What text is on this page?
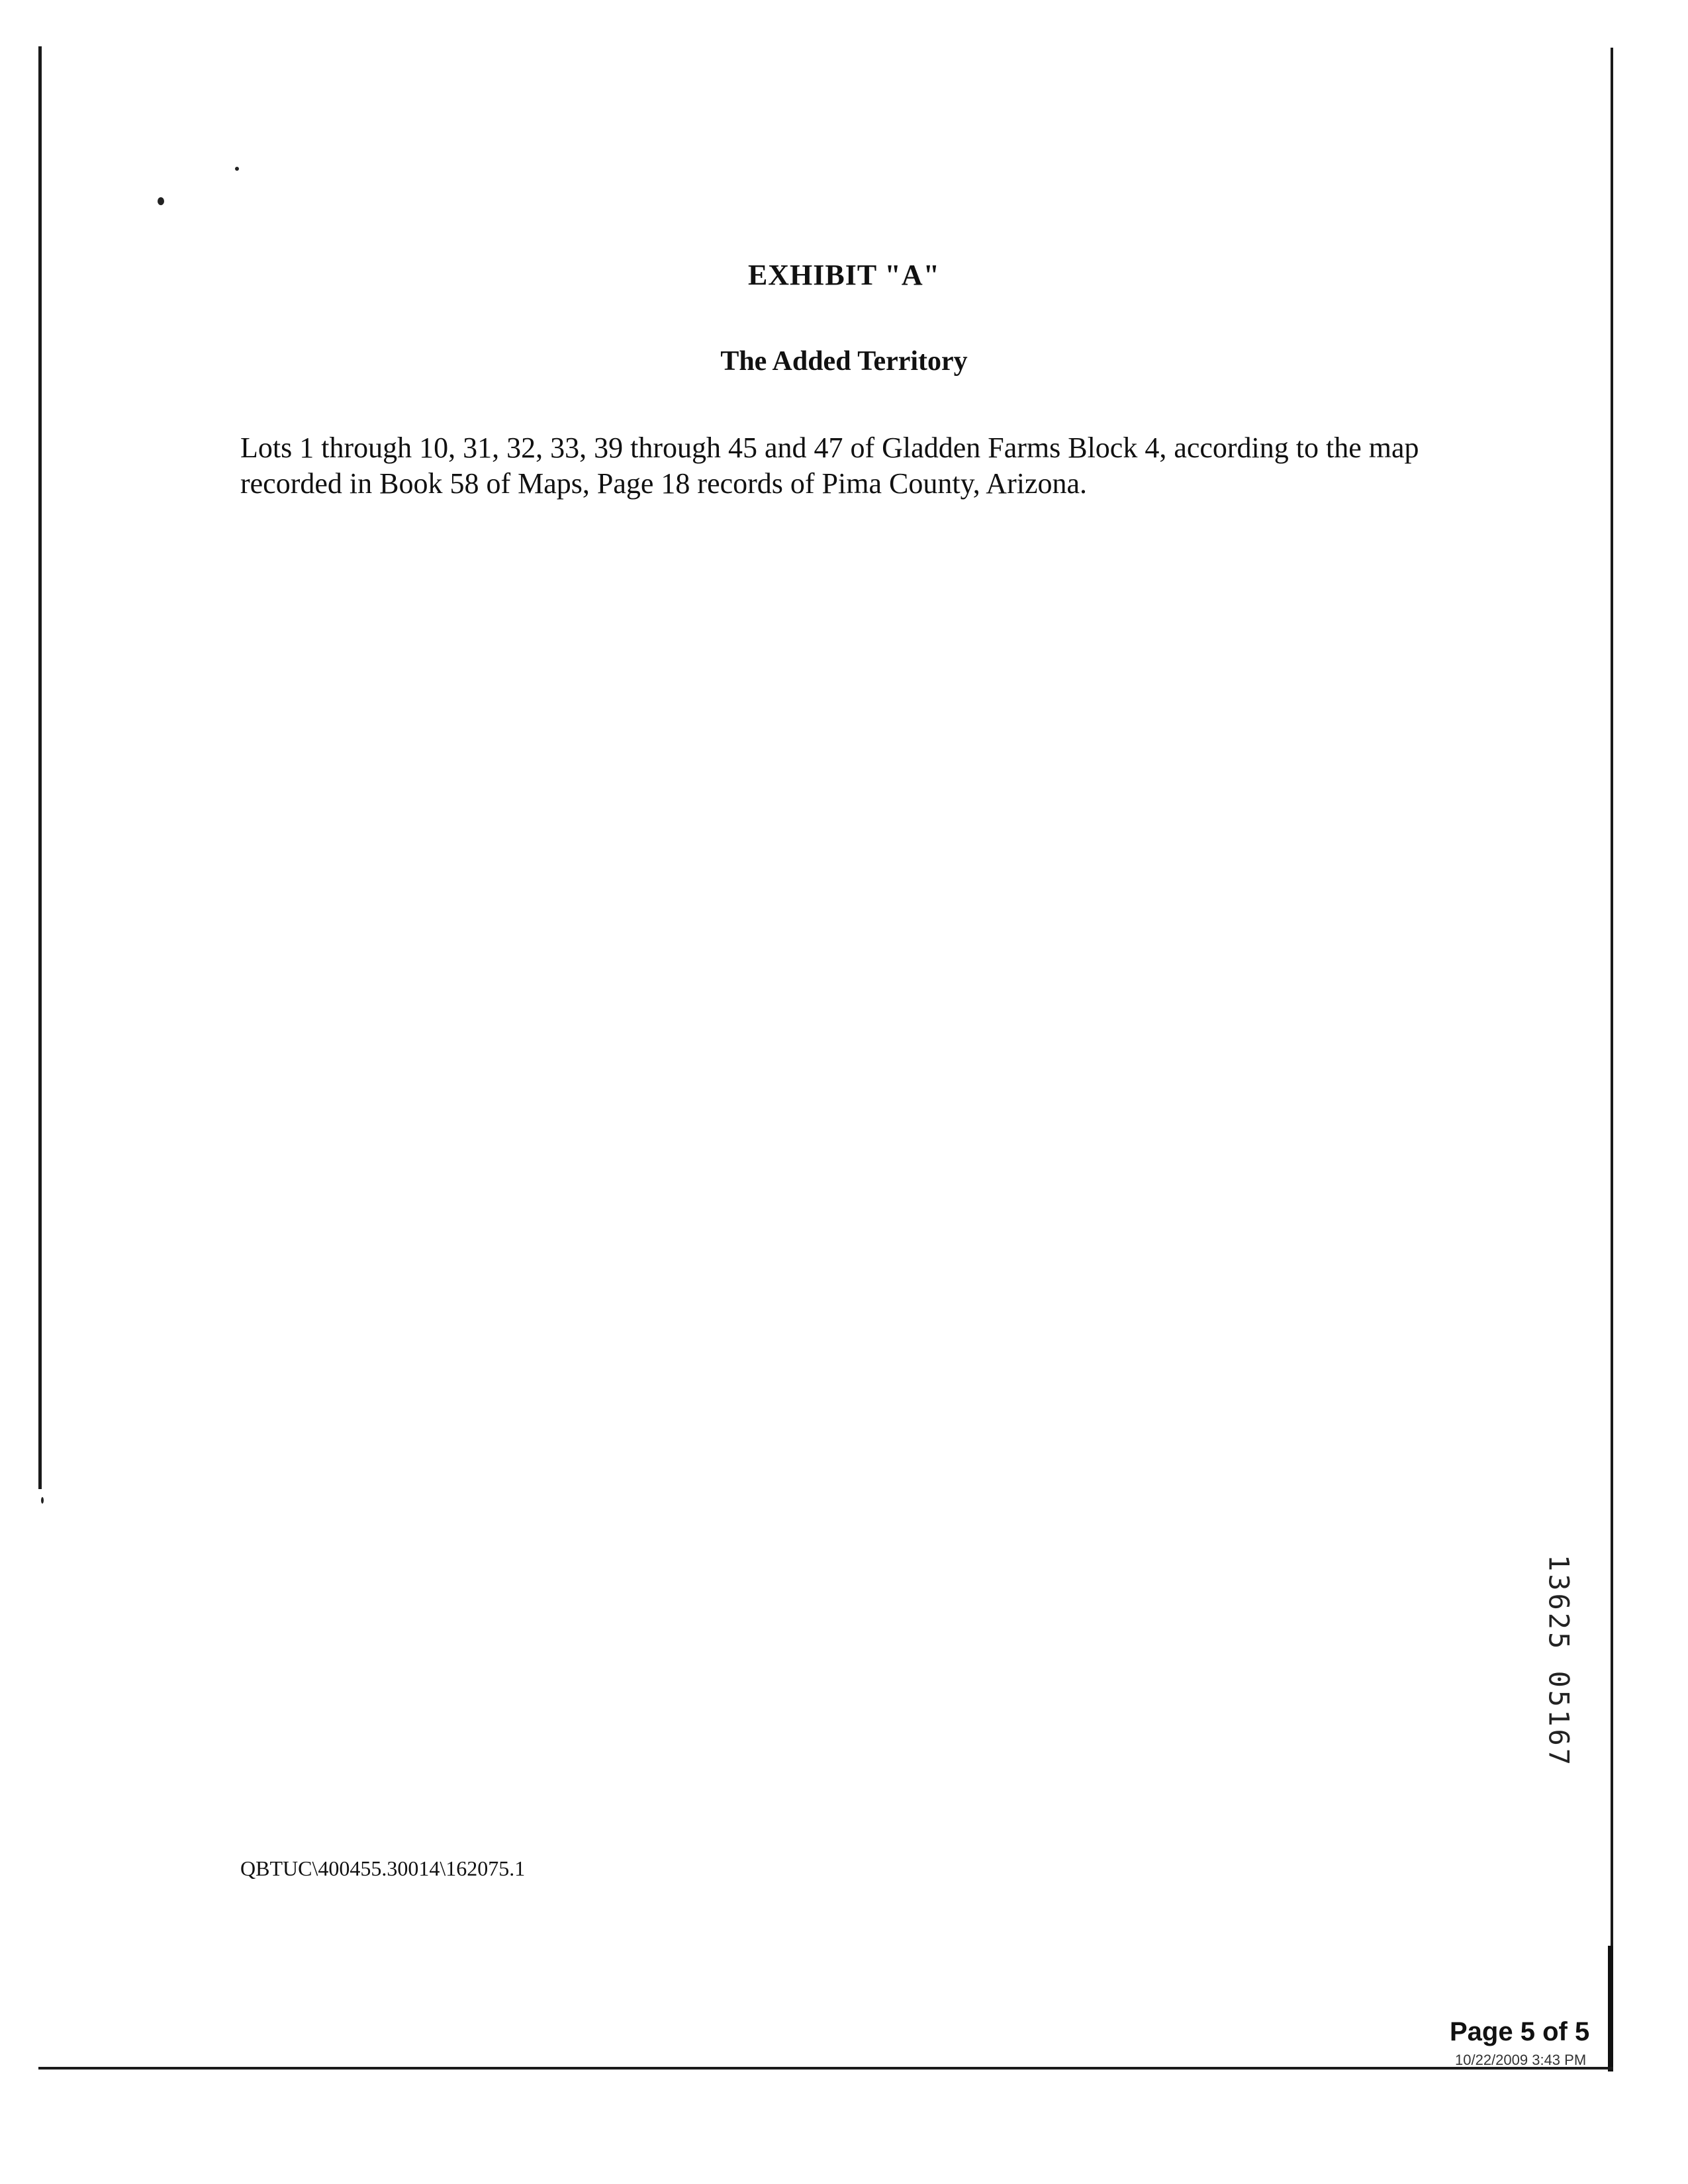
EXHIBIT "A"
The Added Territory
Lots 1 through 10, 31, 32, 33, 39 through 45 and 47 of Gladden Farms Block 4, according to the map recorded in Book 58 of Maps, Page 18 records of Pima County, Arizona.
QBTUC\400455.30014\162075.1
13625 05167
Page 5 of 5
10/22/2009 3:43 PM
